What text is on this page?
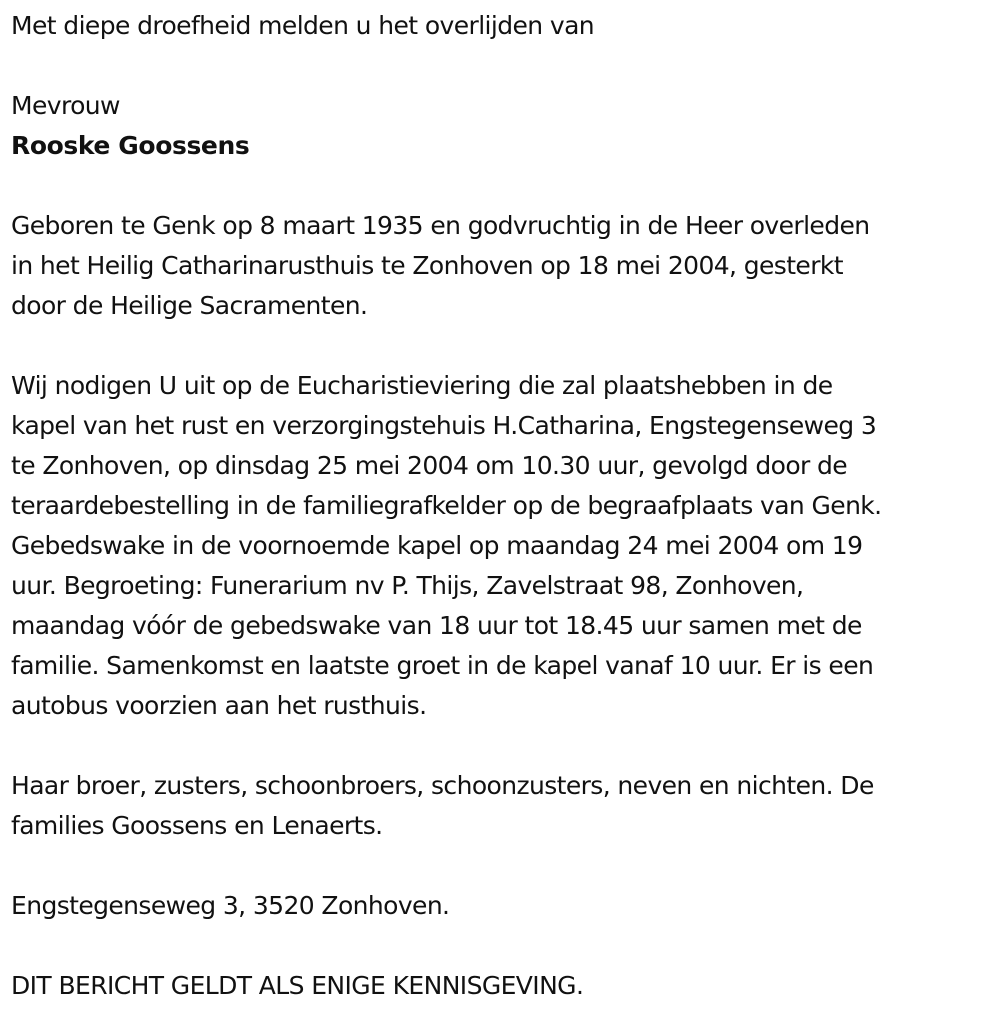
Met diepe droefheid melden u het overlijden van
Mevrouw
Rooske Goossens
Geboren te Genk op 8 maart 1935 en godvruchtig in de Heer overleden
in het Heilig Catharinarusthuis te Zonhoven op 18 mei 2004, gesterkt
door de Heilige Sacramenten.
Wij nodigen U uit op de Eucharistieviering die zal plaatshebben in de
kapel van het rust en verzorgingstehuis H.Catharina, Engstegenseweg 3
te Zonhoven, op dinsdag 25 mei 2004 om 10.30 uur, gevolgd door de
teraardebestelling in de familiegrafkelder op de begraafplaats van Genk.
Gebedswake in de voornoemde kapel op maandag 24 mei 2004 om 19
uur. Begroeting: Funerarium nv P. Thijs, Zavelstraat 98, Zonhoven,
maandag vóór de gebedswake van 18 uur tot 18.45 uur samen met de
familie. Samenkomst en laatste groet in de kapel vanaf 10 uur. Er is een
autobus voorzien aan het rusthuis.
Haar broer, zusters, schoonbroers, schoonzusters, neven en nichten. De
families Goossens en Lenaerts.
Engstegenseweg 3, 3520 Zonhoven.
DIT BERICHT GELDT ALS ENIGE KENNISGEVING.
